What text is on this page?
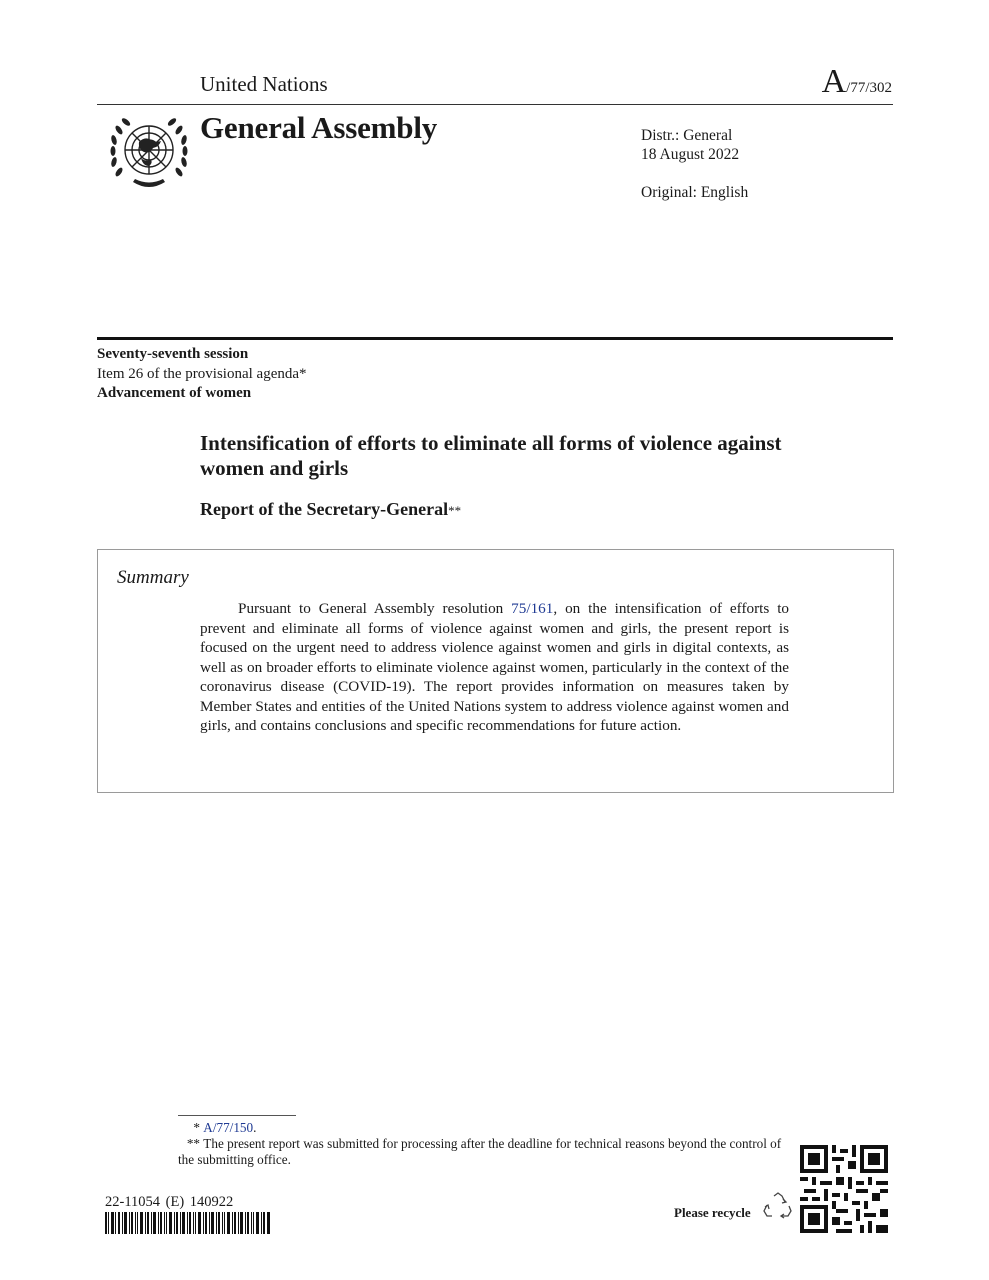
United Nations	A/77/302
General Assembly	Distr.: General
18 August 2022
Original: English
Seventy-seventh session
Item 26 of the provisional agenda*
Advancement of women
Intensification of efforts to eliminate all forms of violence against women and girls
Report of the Secretary-General**
Summary
Pursuant to General Assembly resolution 75/161, on the intensification of efforts to prevent and eliminate all forms of violence against women and girls, the present report is focused on the urgent need to address violence against women and girls in digital contexts, as well as on broader efforts to eliminate violence against women, particularly in the context of the coronavirus disease (COVID-19). The report provides information on measures taken by Member States and entities of the United Nations system to address violence against women and girls, and contains conclusions and specific recommendations for future action.
* A/77/150.
** The present report was submitted for processing after the deadline for technical reasons beyond the control of the submitting office.
22-11054 (E) 140922
Please recycle
